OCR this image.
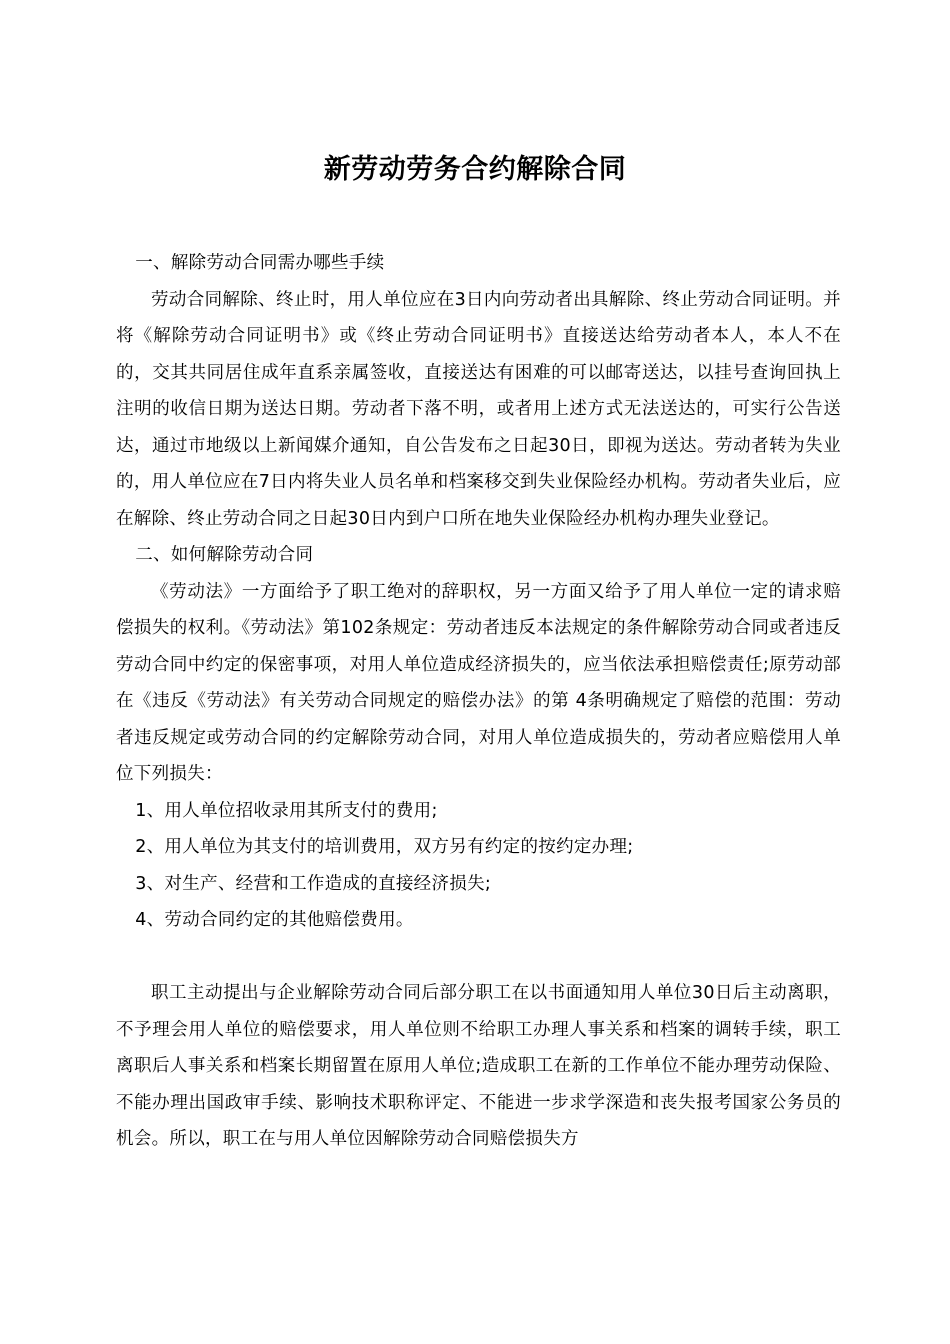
新劳动劳务合约解除合同

一、解除劳动合同需办哪些手续

劳动合同解除、终止时，用人单位应在3日内向劳动者出具解除、终止劳动合同证明。并将《解除劳动合同证明书》或《终止劳动合同证明书》直接送达给劳动者本人，本人不在的，交其共同居住成年直系亲属签收，直接送达有困难的可以邮寄送达，以挂号查询回执上注明的收信日期为送达日期。劳动者下落不明，或者用上述方式无法送达的，可实行公告送达，通过市地级以上新闻媒介通知，自公告发布之日起30日，即视为送达。劳动者转为失业的，用人单位应在7日内将失业人员名单和档案移交到失业保险经办机构。劳动者失业后，应在解除、终止劳动合同之日起30日内到户口所在地失业保险经办机构办理失业登记。

二、如何解除劳动合同

《劳动法》一方面给予了职工绝对的辞职权，另一方面又给予了用人单位一定的请求赔偿损失的权利。《劳动法》第102条规定：劳动者违反本法规定的条件解除劳动合同或者违反劳动合同中约定的保密事项，对用人单位造成经济损失的，应当依法承担赔偿责任;原劳动部在《违反《劳动法》有关劳动合同规定的赔偿办法》的第 4条明确规定了赔偿的范围：劳动者违反规定或劳动合同的约定解除劳动合同，对用人单位造成损失的，劳动者应赔偿用人单位下列损失：

1、用人单位招收录用其所支付的费用;

2、用人单位为其支付的培训费用，双方另有约定的按约定办理;

3、对生产、经营和工作造成的直接经济损失;

4、劳动合同约定的其他赔偿费用。

职工主动提出与企业解除劳动合同后部分职工在以书面通知用人单位30日后主动离职，不予理会用人单位的赔偿要求，用人单位则不给职工办理人事关系和档案的调转手续，职工离职后人事关系和档案长期留置在原用人单位;造成职工在新的工作单位不能办理劳动保险、不能办理出国政审手续、影响技术职称评定、不能进一步求学深造和丧失报考国家公务员的机会。所以，职工在与用人单位因解除劳动合同赔偿损失方
